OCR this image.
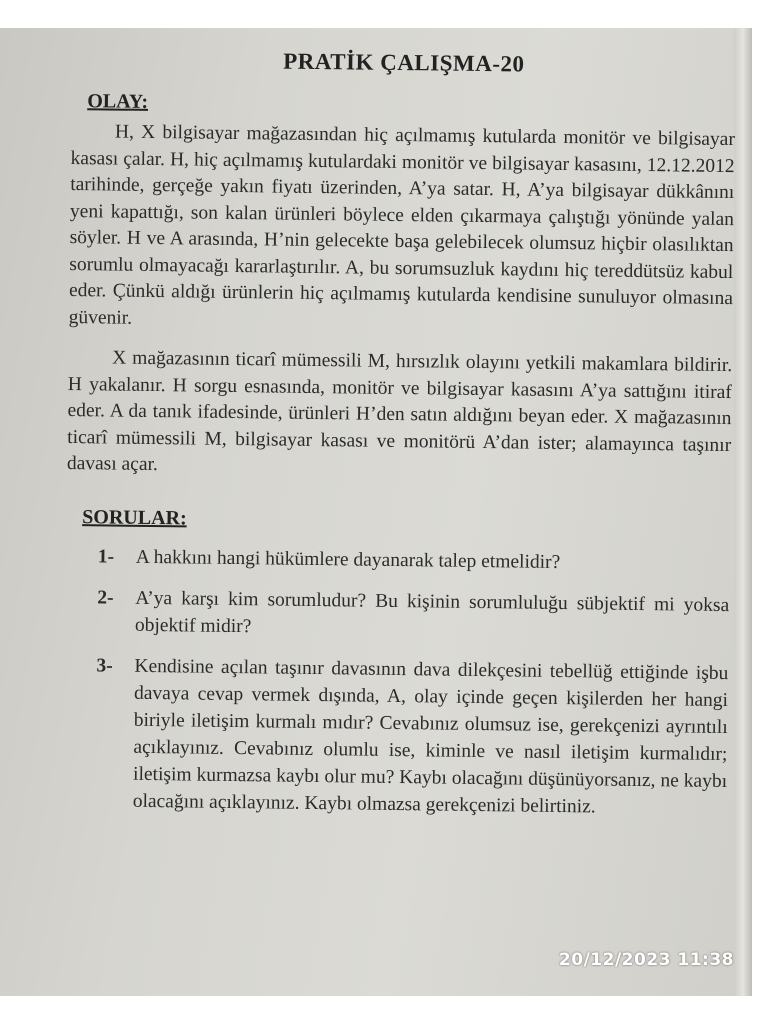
PRATİK ÇALIŞMA-20
OLAY:

H, X bilgisayar mağazasından hiç açılmamış kutularda monitör ve bilgisayar kasası çalar. H, hiç açılmamış kutulardaki monitör ve bilgisayar kasasını, 12.12.2012 tarihinde, gerçeğe yakın fiyatı üzerinden, A’ya satar. H, A’ya bilgisayar dükkânını yeni kapattığı, son kalan ürünleri böylece elden çıkarmaya çalıştığı yönünde yalan söyler. H ve A arasında, H’nin gelecekte başa gelebilecek olumsuz hiçbir olasılıktan sorumlu olmayacağı kararlaştırılır. A, bu sorumsuzluk kaydını hiç tereddütsüz kabul eder. Çünkü aldığı ürünlerin hiç açılmamış kutularda kendisine sunuluyor olmasına güvenir.

X mağazasının ticarî mümessili M, hırsızlık olayını yetkili makamlara bildirir. H yakalanır. H sorgu esnasında, monitör ve bilgisayar kasasını A’ya sattığını itiraf eder. A da tanık ifadesinde, ürünleri H’den satın aldığını beyan eder. X mağazasının ticarî mümessili M, bilgisayar kasası ve monitörü A’dan ister; alamayınca taşınır davası açar.

SORULAR:
1- A hakkını hangi hükümlere dayanarak talep etmelidir?
2- A’ya karşı kim sorumludur? Bu kişinin sorumluluğu sübjektif mi yoksa objektif midir?
3- Kendisine açılan taşınır davasının dava dilekçesini tebellüğ ettiğinde işbu davaya cevap vermek dışında, A, olay içinde geçen kişilerden her hangi biriyle iletişim kurmalı mıdır? Cevabınız olumsuz ise, gerekçenizi ayrıntılı açıklayınız. Cevabınız olumlu ise, kiminle ve nasıl iletişim kurmalıdır; iletişim kurmazsa kaybı olur mu? Kaybı olacağını düşünüyorsanız, ne kaybı olacağını açıklayınız. Kaybı olmazsa gerekçenizi belirtiniz.
20/12/2023 11:38
